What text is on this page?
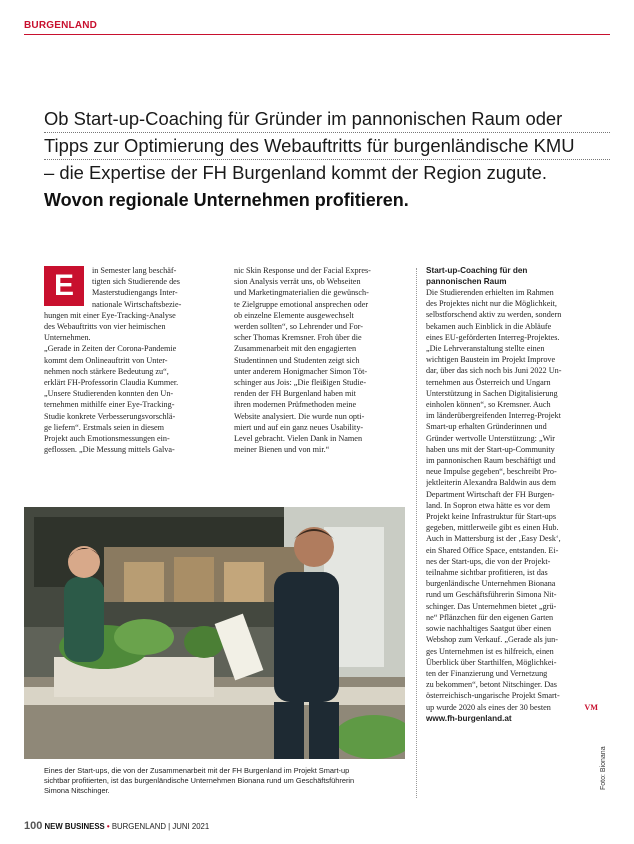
BURGENLAND
Ob Start-up-Coaching für Gründer im pannonischen Raum oder
Tipps zur Optimierung des Webauftritts für burgenländische KMU
– die Expertise der FH Burgenland kommt der Region zugute.
Wovon regionale Unternehmen profitieren.
E	in Semester lang beschäf-
tigten sich Studierende des
Masterstudiengangs Inter-
nationale Wirtschaftsbezie-
hungen mit einer Eye-Tracking-Analyse
des Webauftritts von vier heimischen
Unternehmen.
„Gerade in Zeiten der Corona-Pandemie
kommt dem Onlineauftritt von Unter-
nehmen noch stärkere Bedeutung zu“,
erklärt FH-Professorin Claudia Kummer.
„Unsere Studierenden konnten den Un-
ternehmen mithilfe einer Eye-Tracking-
Studie konkrete Verbesserungsvorschlä-
ge liefern“. Erstmals seien in diesem
Projekt auch Emotionsmessungen ein-
geflossen. „Die Messung mittels Galva-
nic Skin Response und der Facial Expres-
sion Analysis verrät uns, ob Webseiten
und Marketingmaterialien die gewünsch-
te Zielgruppe emotional ansprechen oder
ob einzelne Elemente ausgewechselt
werden sollten“, so Lehrender und For-
scher Thomas Kremsner. Froh über die
Zusammenarbeit mit den engagierten
Studentinnen und Studenten zeigt sich
unter anderem Honigmacher Simon Töt-
schinger aus Jois: „Die fleißigen Studie-
renden der FH Burgenland haben mit
ihren modernen Prüfmethoden meine
Website analysiert. Die wurde nun opti-
miert und auf ein ganz neues Usability-
Level gebracht. Vielen Dank in Namen
meiner Bienen und von mir.“
Start-up-Coaching für den
pannonischen Raum
Die Studierenden erhielten im Rahmen
des Projektes nicht nur die Möglichkeit,
selbstforschend aktiv zu werden, sondern
bekamen auch Einblick in die Abläufe
eines EU-geförderten Interreg-Projektes.
„Die Lehrveranstaltung stellte einen
wichtigen Baustein im Projekt Improve
dar, über das sich noch bis Juni 2022 Un-
ternehmen aus Österreich und Ungarn
Unterstützung in Sachen Digitalisierung
einholen können“, so Kremsner. Auch
im länderübergreifenden Interreg-Projekt
Smart-up erhalten Gründerinnen und
Gründer wertvolle Unterstützung: „Wir
haben uns mit der Start-up-Community
im pannonischen Raum beschäftigt und
neue Impulse gegeben“, beschreibt Pro-
jektleiterin Alexandra Baldwin aus dem
Department Wirtschaft der FH Burgen-
land. In Sopron etwa hätte es vor dem
Projekt keine Infrastruktur für Start-ups
gegeben, mittlerweile gibt es einen Hub.
Auch in Mattersburg ist der ‚Easy Desk‘,
ein Shared Office Space, entstanden. Ei-
nes der Start-ups, die von der Projekt-
teilnahme sichtbar profitieren, ist das
burgenländische Unternehmen Bionana
rund um Geschäftsführerin Simona Nit-
schinger. Das Unternehmen bietet „grü-
ne“ Pflänzchen für den eigenen Garten
sowie nachhaltiges Saatgut über einen
Webshop zum Verkauf. „Gerade als jun-
ges Unternehmen ist es hilfreich, einen
Überblick über Starthilfen, Möglichkei-
ten der Finanzierung und Vernetzung
zu bekommen“, betont Nitschinger. Das
österreichisch-ungarische Projekt Smart-
up wurde 2020 als eines der 30 besten	VM
www.fh-burgenland.at

Eines der Start-ups, die von der Zusammenarbeit mit der FH Burgenland im Projekt Smart-up
sichtbar profitierten, ist das burgenländische Unternehmen Bionana rund um Geschäftsführerin
Simona Nitschinger.

Foto: Bionana
100 NEW BUSINESS • BURGENLAND | JUNI 2021
